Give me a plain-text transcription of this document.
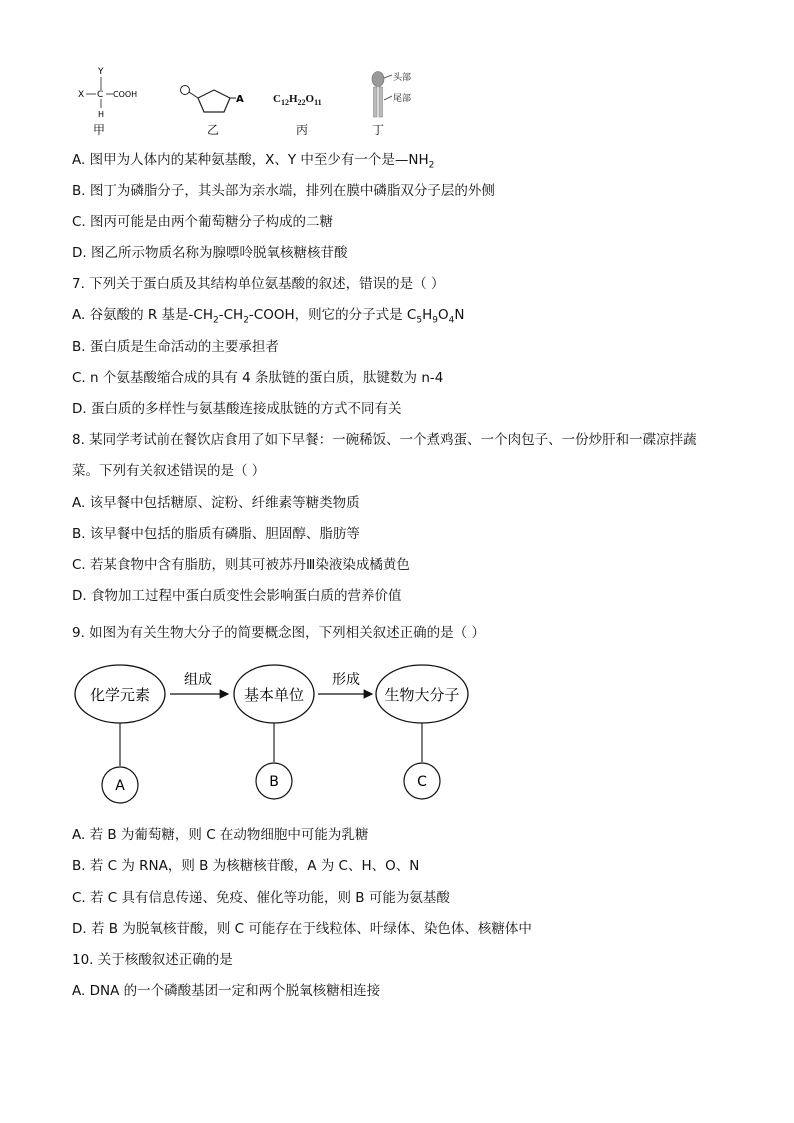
Y
X C COOH
H
甲
A
乙
$C_{12}H_{22}O_{11}$
丙
头部
尾部
丁
A. 图甲为人体内的某种氨基酸，X、Y 中至少有一个是$—NH_2$
B. 图丁为磷脂分子，其头部为亲水端，排列在膜中磷脂双分子层的外侧
C. 图丙可能是由两个葡萄糖分子构成的二糖
D. 图乙所示物质名称为腺嘌呤脱氧核糖核苷酸
7. 下列关于蛋白质及其结构单位氨基酸的叙述，错误的是（ ）
A. 谷氨酸的 R 基是$-CH_2-CH_2$-COOH，则它的分子式是 $C_5H_9O_4N$
B. 蛋白质是生命活动的主要承担者
C. n 个氨基酸缩合成的具有 4 条肽链的蛋白质，肽键数为 n-4
D. 蛋白质的多样性与氨基酸连接成肽链的方式不同有关
8. 某同学考试前在餐饮店食用了如下早餐：一碗稀饭、一个煮鸡蛋、一个肉包子、一份炒肝和一碟凉拌蔬
菜。下列有关叙述错误的是（ ）
A. 该早餐中包括糖原、淀粉、纤维素等糖类物质
B. 该早餐中包括的脂质有磷脂、胆固醇、脂肪等
C. 若某食物中含有脂肪，则其可被苏丹Ⅲ染液染成橘黄色
D. 食物加工过程中蛋白质变性会影响蛋白质的营养价值
9. 如图为有关生物大分子的简要概念图，下列相关叙述正确的是（ ）
化学元素
组成
基本单位
形成
生物大分子
A	B	C
A. 若 B 为葡萄糖，则 C 在动物细胞中可能为乳糖
B. 若 C 为 RNA，则 B 为核糖核苷酸，A 为 C、H、O、N
C. 若 C 具有信息传递、免疫、催化等功能，则 B 可能为氨基酸
D. 若 B 为脱氧核苷酸，则 C 可能存在于线粒体、叶绿体、染色体、核糖体中
10. 关于核酸叙述正确的是
A. DNA 的一个磷酸基团一定和两个脱氧核糖相连接
